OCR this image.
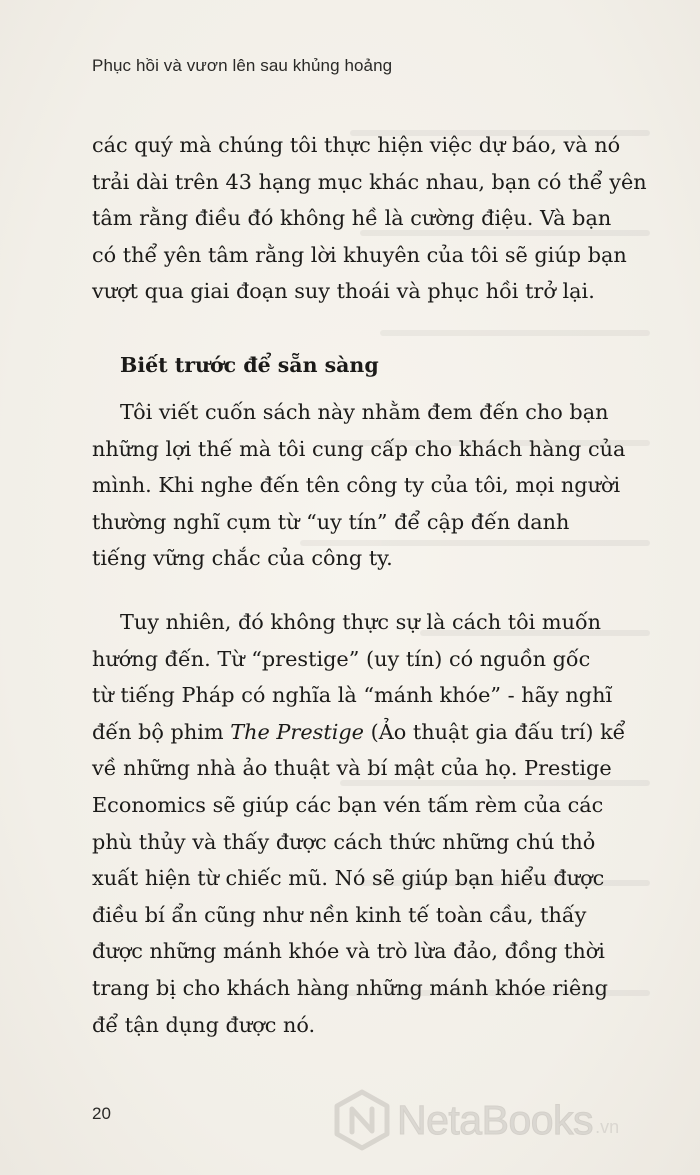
Phục hồi và vươn lên sau khủng hoảng
các quý mà chúng tôi thực hiện việc dự báo, và nó
trải dài trên 43 hạng mục khác nhau, bạn có thể yên
tâm rằng điều đó không hề là cường điệu. Và bạn
có thể yên tâm rằng lời khuyên của tôi sẽ giúp bạn
vượt qua giai đoạn suy thoái và phục hồi trở lại.
Biết trước để sẵn sàng
Tôi viết cuốn sách này nhằm đem đến cho bạn
những lợi thế mà tôi cung cấp cho khách hàng của
mình. Khi nghe đến tên công ty của tôi, mọi người
thường nghĩ cụm từ “uy tín” để cập đến danh
tiếng vững chắc của công ty.
Tuy nhiên, đó không thực sự là cách tôi muốn
hướng đến. Từ “prestige” (uy tín) có nguồn gốc
từ tiếng Pháp có nghĩa là “mánh khóe” - hãy nghĩ
đến bộ phim The Prestige (Ảo thuật gia đấu trí) kể
về những nhà ảo thuật và bí mật của họ. Prestige
Economics sẽ giúp các bạn vén tấm rèm của các
phù thủy và thấy được cách thức những chú thỏ
xuất hiện từ chiếc mũ. Nó sẽ giúp bạn hiểu được
điều bí ẩn cũng như nền kinh tế toàn cầu, thấy
được những mánh khóe và trò lừa đảo, đồng thời
trang bị cho khách hàng những mánh khóe riêng
để tận dụng được nó.
20	NetaBooks .vn
